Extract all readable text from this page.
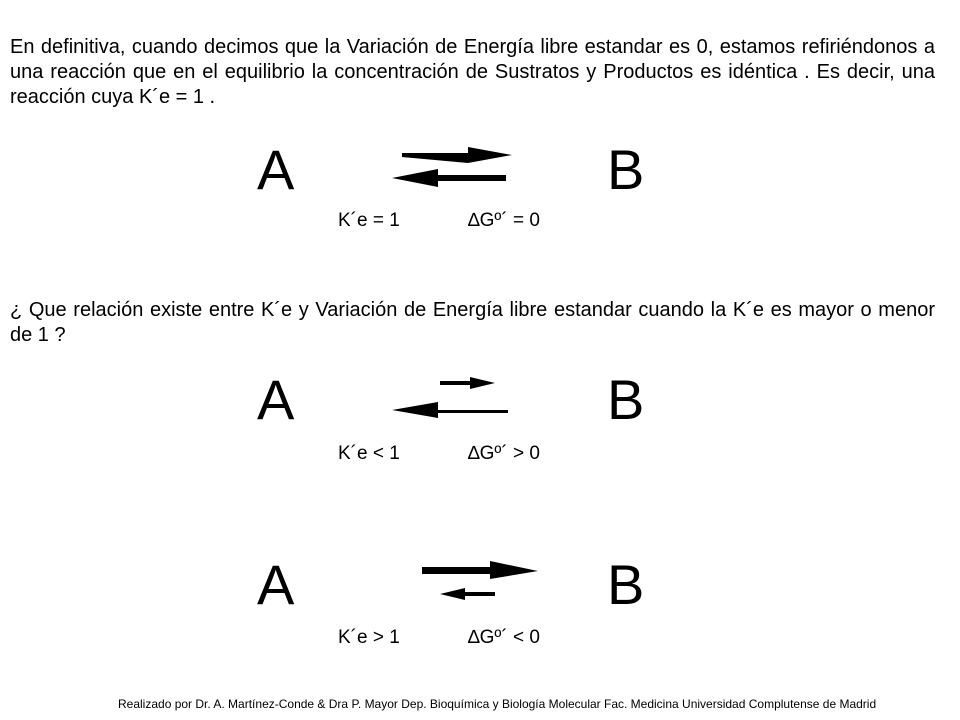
En definitiva, cuando decimos que la Variación de Energía libre estandar es 0, estamos refiriéndonos a una reacción que en el equilibrio la concentración de Sustratos y Productos es idéntica . Es decir, una reacción cuya K´e = 1 .

A	B

K´e = 1

	∆Gº´ = 0

¿ Que relación existe entre K´e y Variación de Energía libre estandar cuando la K´e es mayor o menor de 1 ?

A	B

K´e < 1

	∆Gº´ > 0

A	B

K´e > 1

	∆Gº´ < 0

Realizado por Dr. A. Martínez-Conde & Dra P. Mayor Dep. Bioquímica y Biología Molecular Fac. Medicina Universidad Complutense de Madrid
